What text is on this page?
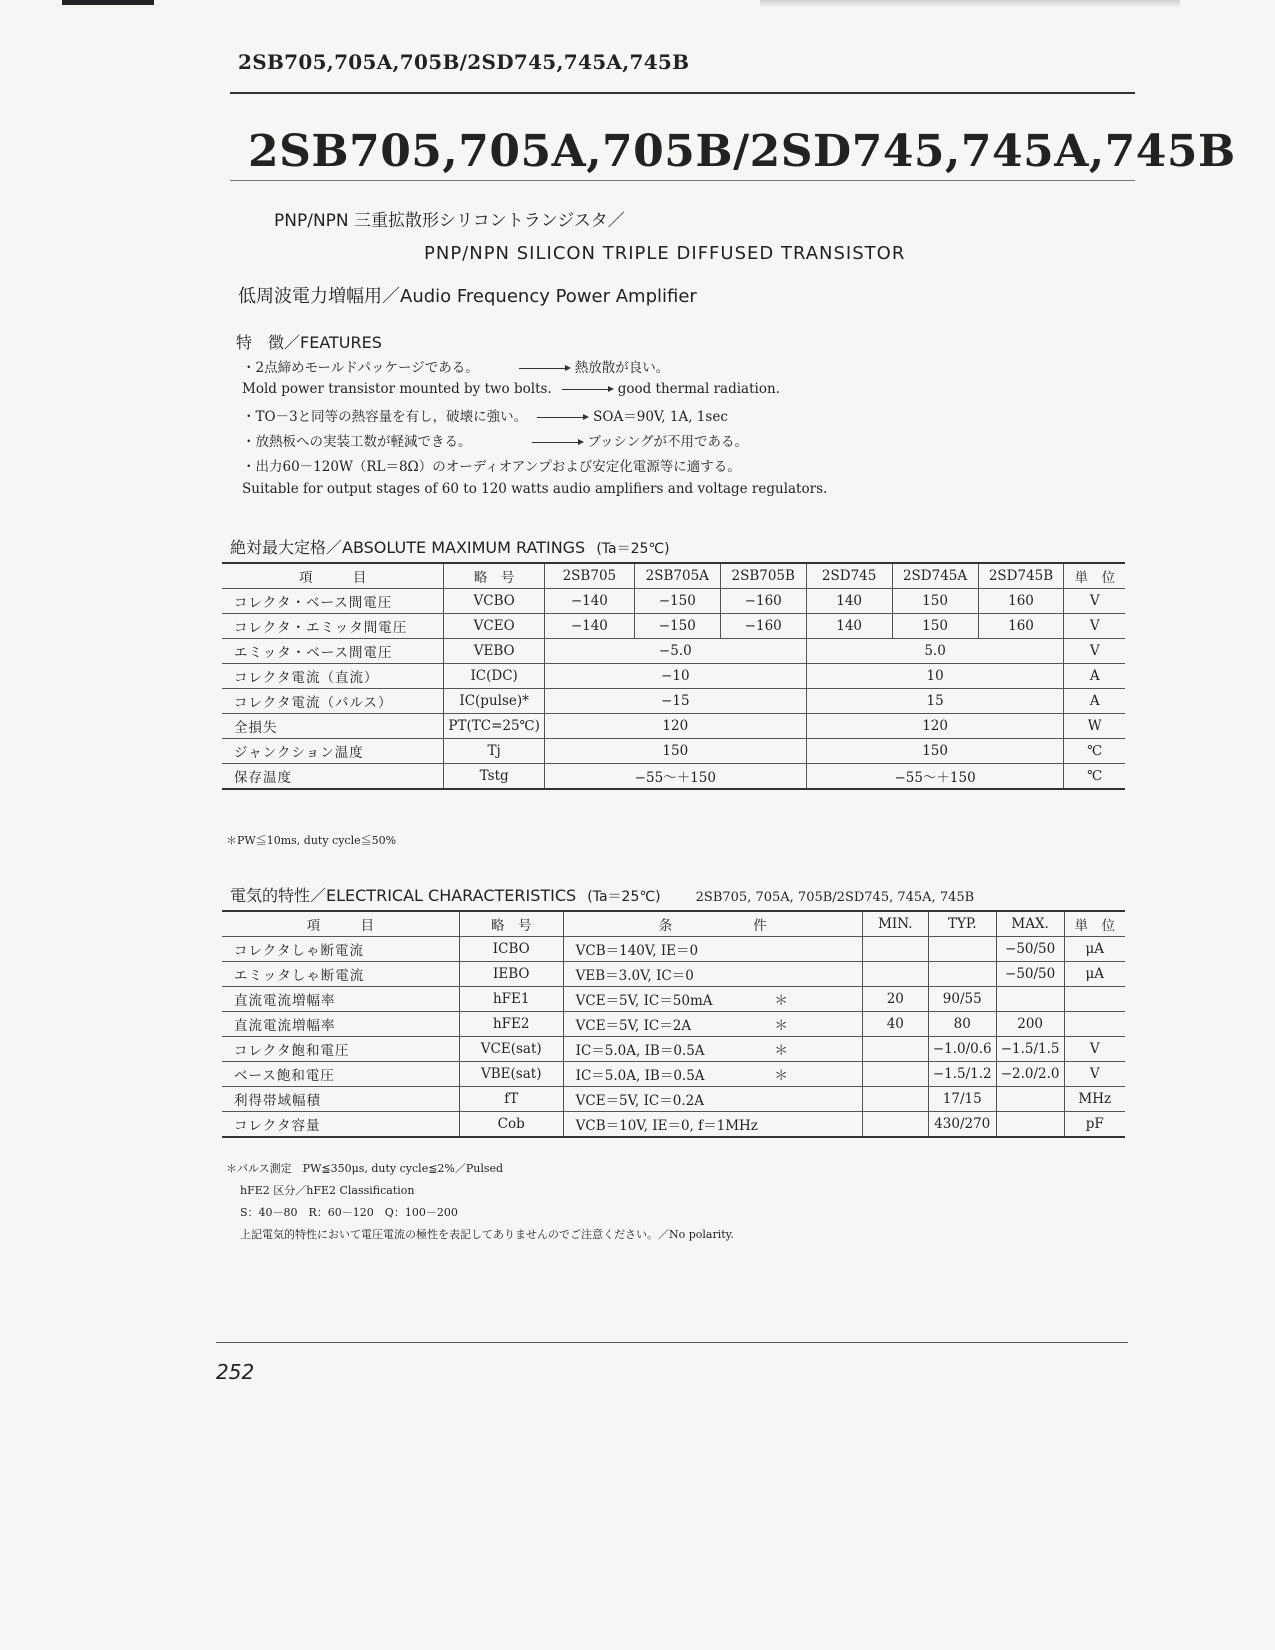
2SB705,705A,705B/2SD745,745A,745B
2SB705,705A,705B/2SD745,745A,745B
PNP/NPN 三重拡散形シリコントランジスタ／
PNP/NPN SILICON TRIPLE DIFFUSED TRANSISTOR
低周波電力増幅用／Audio Frequency Power Amplifier
特　徴／FEATURES
・2点締めモールドパッケージである。	熱放散が良い。
Mold power transistor mounted by two bolts.	good thermal radiation.
・TO－3と同等の熱容量を有し，破壊に強い。	SOA＝90V, 1A, 1sec
・放熱板への実装工数が軽減できる。	ブッシングが不用である。
・出力60－120W（RL＝8Ω）のオーディオアンプおよび安定化電源等に適する。
Suitable for output stages of 60 to 120 watts audio amplifiers and voltage regulators.
絶対最大定格／ABSOLUTE MAXIMUM RATINGS (Ta＝25℃)
項　　　目	略　号	2SB705	2SB705A	2SB705B	2SD745	2SD745A	2SD745B	単　位
コレクタ・ベース間電圧	VCBO	−140	−150	−160	140	150	160	V
コレクタ・エミッタ間電圧	VCEO	−140	−150	−160	140	150	160	V
エミッタ・ベース間電圧	VEBO	−5.0			5.0			V
コレクタ電流（直流）	IC(DC)	−10			10			A
コレクタ電流（パルス）	IC(pulse)*	−15			15			A
全損失	PT(TC=25℃)	120			120			W
ジャンクション温度	Tj	150			150			℃
保存温度	Tstg	−55～＋150			−55～＋150			℃
＊PW≦10ms, duty cycle≦50%
電気的特性／ELECTRICAL CHARACTERISTICS (Ta＝25℃)	2SB705, 705A, 705B/2SD745, 745A, 745B
項　　　目	略　号	条　　　　　　件	MIN.	TYP.	MAX.	単　位
コレクタしゃ断電流	ICBO	VCB＝140V, IE＝0			−50/50	μA
エミッタしゃ断電流	IEBO	VEB＝3.0V, IC＝0			−50/50	μA
直流電流増幅率	hFE1	VCE＝5V, IC＝50mA ＊	20	90/55		
直流電流増幅率	hFE2	VCE＝5V, IC＝2A ＊	40	80	200	
コレクタ飽和電圧	VCE(sat)	IC＝5.0A, IB＝0.5A ＊		−1.0/0.6	−1.5/1.5	V
ベース飽和電圧	VBE(sat)	IC＝5.0A, IB＝0.5A ＊		−1.5/1.2	−2.0/2.0	V
利得帯域幅積	fT	VCE＝5V, IC＝0.2A		17/15		MHz
コレクタ容量	Cob	VCB＝10V, IE＝0, f＝1MHz		430/270		pF
＊パルス測定　PW≦350μs, duty cycle≦2%／Pulsed
hFE2 区分／hFE2 Classification
S：40－80　R：60－120　Q：100－200
上記電気的特性において電圧電流の極性を表記してありませんのでご注意ください。／No polarity.
252
